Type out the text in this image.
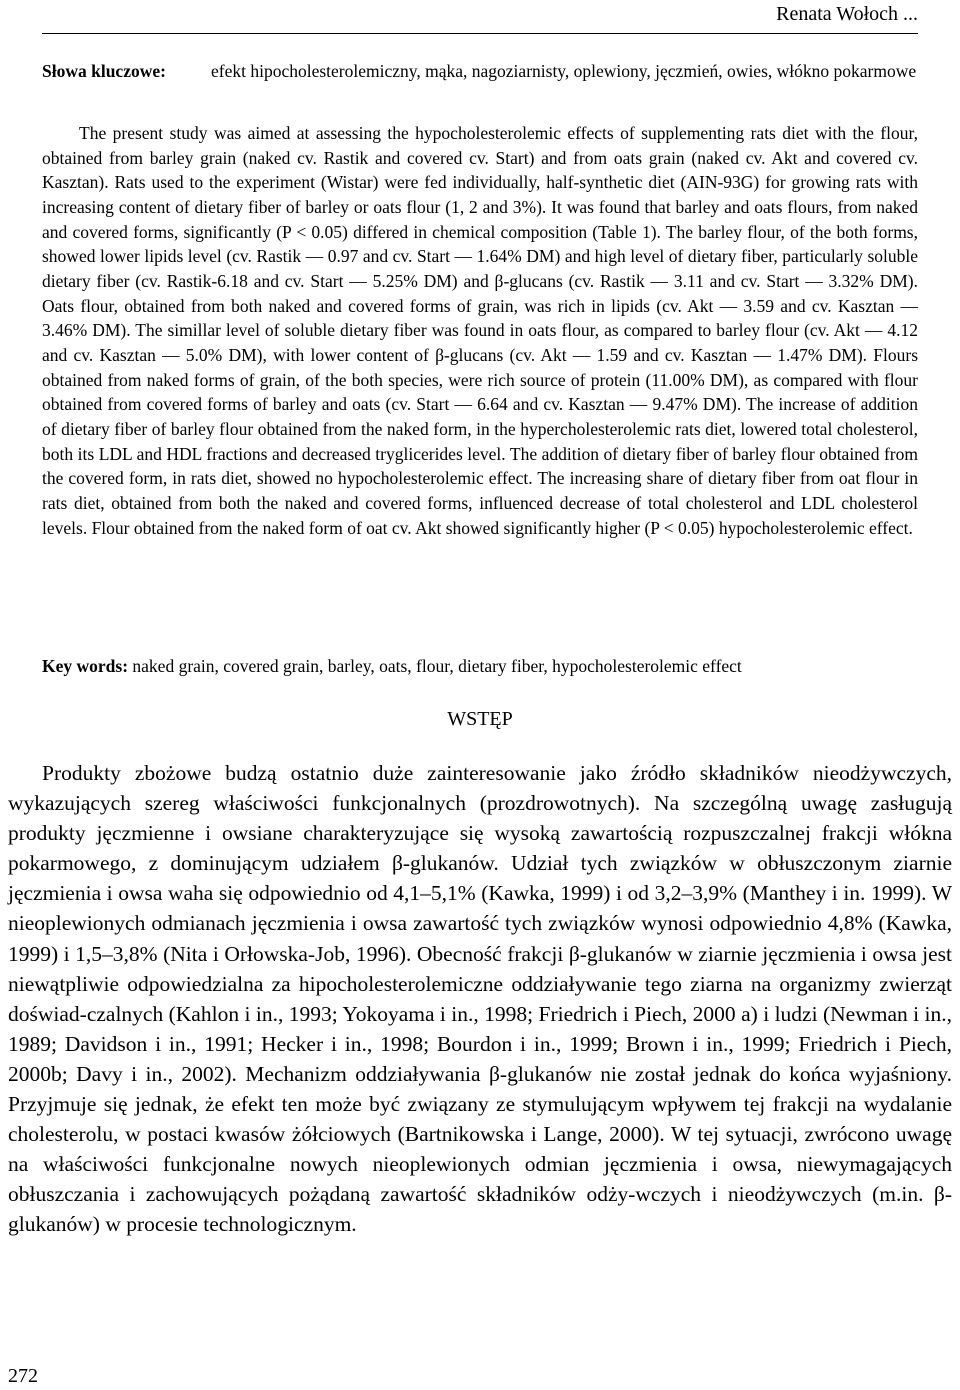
Renata Wołoch ...
Słowa kluczowe:	efekt hipocholesterolemiczny, mąka, nagoziarnisty, oplewiony, jęczmień, owies, włókno pokarmowe

The present study was aimed at assessing the hypocholesterolemic effects of supplementing rats diet with the flour, obtained from barley grain (naked cv. Rastik and covered cv. Start) and from oats grain (naked cv. Akt and covered cv. Kasztan). Rats used to the experiment (Wistar) were fed individually, half-synthetic diet (AIN-93G) for growing rats with increasing content of dietary fiber of barley or oats flour (1, 2 and 3%). It was found that barley and oats flours, from naked and covered forms, significantly (P < 0.05) differed in chemical composition (Table 1). The barley flour, of the both forms, showed lower lipids level (cv. Rastik — 0.97 and cv. Start — 1.64% DM) and high level of dietary fiber, particularly soluble dietary fiber (cv. Rastik-6.18 and cv. Start — 5.25% DM) and β-glucans (cv. Rastik — 3.11 and cv. Start — 3.32% DM). Oats flour, obtained from both naked and covered forms of grain, was rich in lipids (cv. Akt — 3.59 and cv. Kasztan — 3.46% DM). The simillar level of soluble dietary fiber was found in oats flour, as compared to barley flour (cv. Akt — 4.12 and cv. Kasztan — 5.0% DM), with lower content of β-glucans (cv. Akt — 1.59 and cv. Kasztan — 1.47% DM). Flours obtained from naked forms of grain, of the both species, were rich source of protein (11.00% DM), as compared with flour obtained from covered forms of barley and oats (cv. Start — 6.64 and cv. Kasztan — 9.47% DM). The increase of addition of dietary fiber of barley flour obtained from the naked form, in the hypercholesterolemic rats diet, lowered total cholesterol, both its LDL and HDL fractions and decreased tryglicerides level. The addition of dietary fiber of barley flour obtained from the covered form, in rats diet, showed no hypocholesterolemic effect. The increasing share of dietary fiber from oat flour in rats diet, obtained from both the naked and covered forms, influenced decrease of total cholesterol and LDL cholesterol levels. Flour obtained from the naked form of oat cv. Akt showed significantly higher (P < 0.05) hypocholesterolemic effect.

Key words: naked grain, covered grain, barley, oats, flour, dietary fiber, hypocholesterolemic effect

WSTĘP

Produkty zbożowe budzą ostatnio duże zainteresowanie jako źródło składników nieodżywczych, wykazujących szereg właściwości funkcjonalnych (prozdrowotnych). Na szczególną uwagę zasługują produkty jęczmienne i owsiane charakteryzujące się wysoką zawartością rozpuszczalnej frakcji włókna pokarmowego, z dominującym udziałem β-glukanów. Udział tych związków w obłuszczonym ziarnie jęczmienia i owsa waha się odpowiednio od 4,1–5,1% (Kawka, 1999) i od 3,2–3,9% (Manthey i in. 1999). W nieoplewionych odmianach jęczmienia i owsa zawartość tych związków wynosi odpowiednio 4,8% (Kawka, 1999) i 1,5–3,8% (Nita i Orłowska-Job, 1996). Obecność frakcji β-glukanów w ziarnie jęczmienia i owsa jest niewątpliwie odpowiedzialna za hipocholesterolemiczne oddziaływanie tego ziarna na organizmy zwierząt doświad-czalnych (Kahlon i in., 1993; Yokoyama i in., 1998; Friedrich i Piech, 2000 a) i ludzi (Newman i in., 1989; Davidson i in., 1991; Hecker i in., 1998; Bourdon i in., 1999; Brown i in., 1999; Friedrich i Piech, 2000b; Davy i in., 2002). Mechanizm oddziaływania β-glukanów nie został jednak do końca wyjaśniony. Przyjmuje się jednak, że efekt ten może być związany ze stymulującym wpływem tej frakcji na wydalanie cholesterolu, w postaci kwasów żółciowych (Bartnikowska i Lange, 2000). W tej sytuacji, zwrócono uwagę na właściwości funkcjonalne nowych nieoplewionych odmian jęczmienia i owsa, niewymagających obłuszczania i zachowujących pożądaną zawartość składników odży-wczych i nieodżywczych (m.in. β-glukanów) w procesie technologicznym.

272
